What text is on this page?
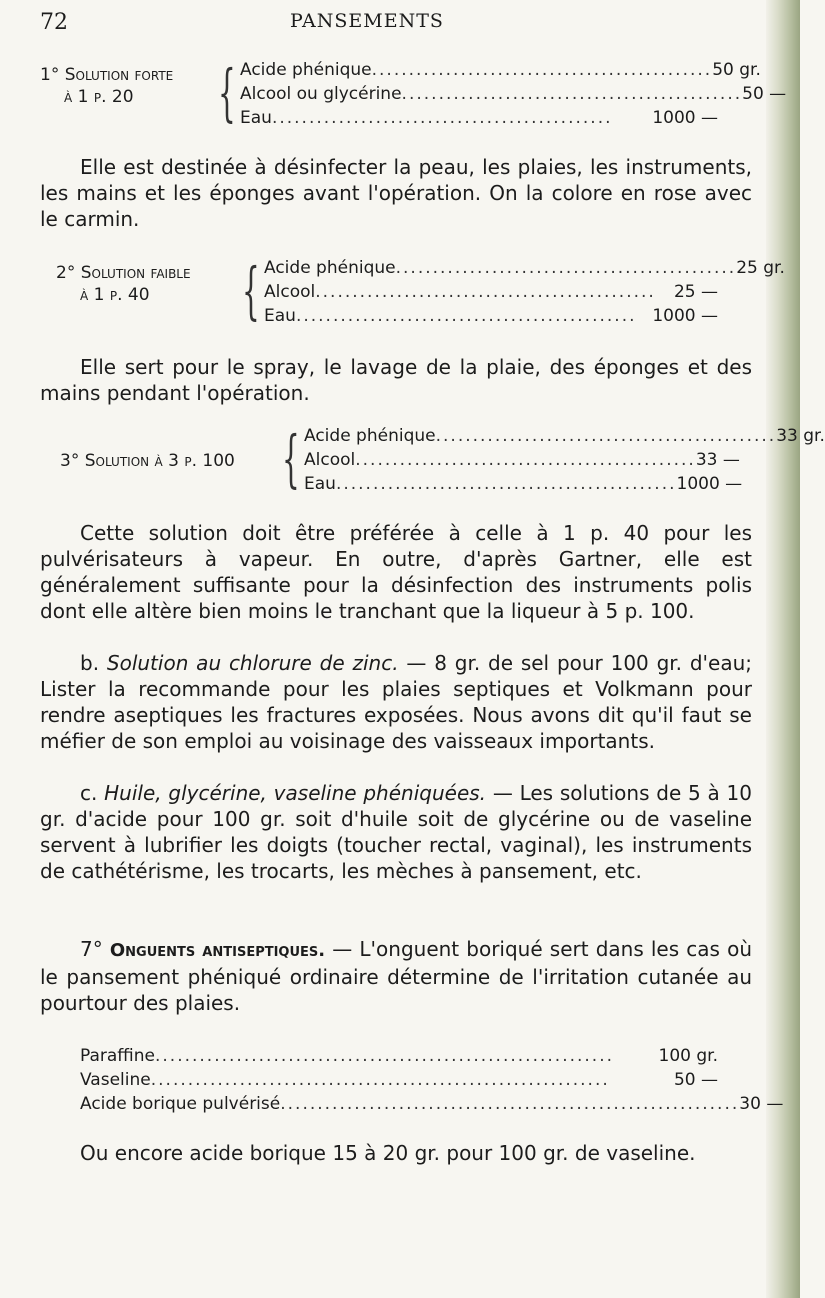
72	PANSEMENTS
1° Solution forte
à 1 p. 20 { Acide phénique .............................................. 50 gr.
Alcool ou glycérine .............................................. 50 —
Eau ..............................................	1000 —
Elle est destinée à désinfecter la peau, les plaies, les instruments, les mains et les éponges avant l'opération. On la colore en rose avec le carmin.
2° Solution faible
à 1 p. 40 { Acide phénique .............................................. 25 gr.
Alcool ..............................................	25 —
Eau .............................................. 1000 —
Elle sert pour le spray, le lavage de la plaie, des éponges et des mains pendant l'opération.
3° Solution à 3 p. 100 { Acide phénique .............................................. 33 gr.
Alcool .............................................. 33 —
Eau .............................................. 1000 —
Cette solution doit être préférée à celle à 1 p. 40 pour les pulvérisateurs à vapeur. En outre, d'après Gartner, elle est généralement suffisante pour la désinfection des instruments polis dont elle altère bien moins le tranchant que la liqueur à 5 p. 100.
b. Solution au chlorure de zinc. — 8 gr. de sel pour 100 gr. d'eau; Lister la recommande pour les plaies septiques et Volkmann pour rendre aseptiques les fractures exposées. Nous avons dit qu'il faut se méfier de son emploi au voisinage des vaisseaux importants.
c. Huile, glycérine, vaseline phéniquées. — Les solutions de 5 à 10 gr. d'acide pour 100 gr. soit d'huile soit de glycérine ou de vaseline servent à lubrifier les doigts (toucher rectal, vaginal), les instruments de cathétérisme, les trocarts, les mèches à pansement, etc.
7° Onguents antiseptiques. — L'onguent boriqué sert dans les cas où le pansement phéniqué ordinaire détermine de l'irritation cutanée au pourtour des plaies.
Paraffine ..............................................................	100 gr.
Vaseline ..............................................................	50 —
Acide borique pulvérisé .............................................................. 30 —
Ou encore acide borique 15 à 20 gr. pour 100 gr. de vaseline.
